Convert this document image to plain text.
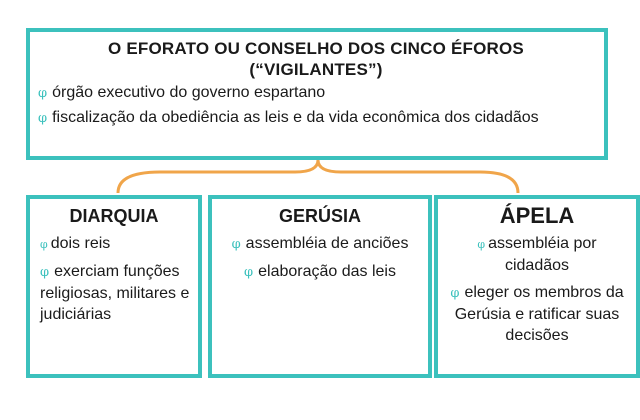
O EFORATO OU CONSELHO DOS CINCO ÉFOROS
(“VIGILANTES”)
φ órgão executivo do governo espartano
φ fiscalização da obediência as leis e da vida econômica dos cidadãos
DIARQUIA
φ dois reis
φ exerciam funções religiosas, militares e judiciárias
GERÚSIA
φ assembléia de anciões
φ elaboração das leis
ÁPELA
φ assembléia por cidadãos
φ eleger os membros da Gerúsia e ratificar suas decisões
